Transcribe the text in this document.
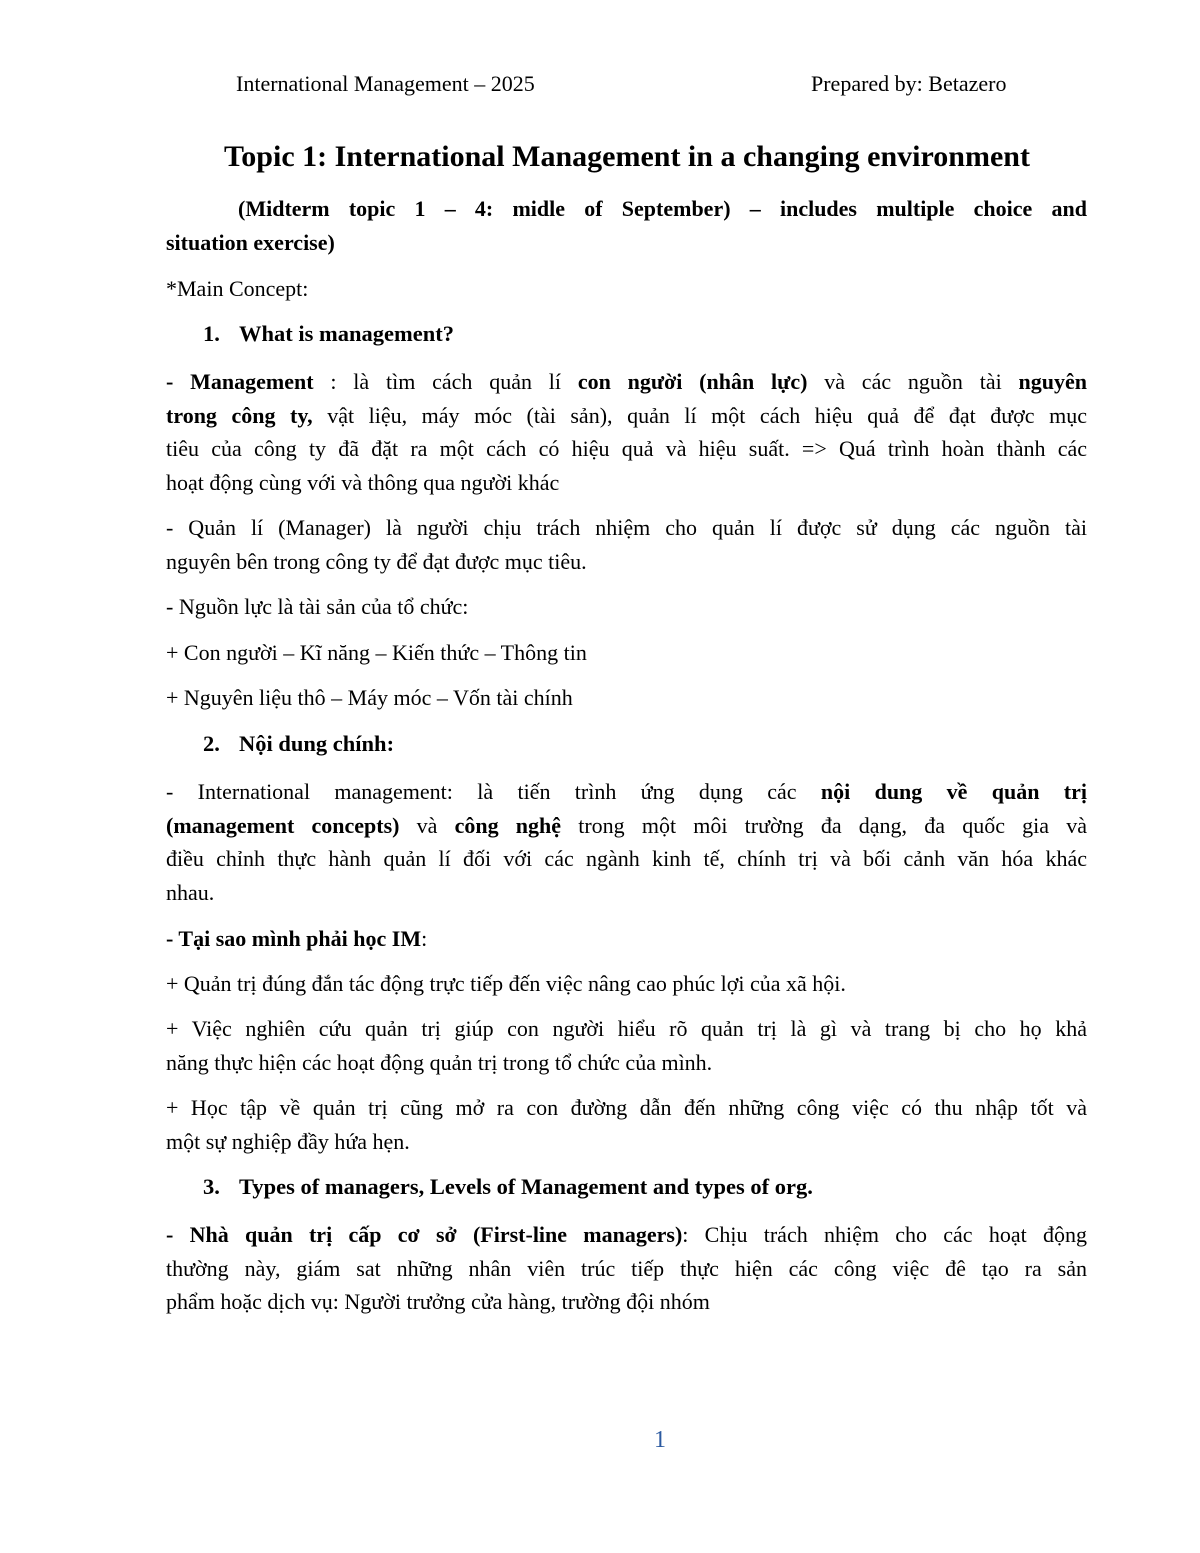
International Management – 2025	Prepared by: Betazero
Topic 1: International Management in a changing environment
(Midterm topic 1 – 4: midle of September) – includes multiple choice and
situation exercise)
*Main Concept:
1. What is management?
- Management : là tìm cách quản lí con người (nhân lực) và các nguồn tài nguyên
trong công ty, vật liệu, máy móc (tài sản), quản lí một cách hiệu quả để đạt được mục
tiêu của công ty đã đặt ra một cách có hiệu quả và hiệu suất. => Quá trình hoàn thành các
hoạt động cùng với và thông qua người khác
- Quản lí (Manager) là người chịu trách nhiệm cho quản lí được sử dụng các nguồn tài
nguyên bên trong công ty để đạt được mục tiêu.
- Nguồn lực là tài sản của tổ chức:
+ Con người – Kĩ năng – Kiến thức – Thông tin
+ Nguyên liệu thô – Máy móc – Vốn tài chính
2. Nội dung chính:
- International management: là tiến trình ứng dụng các nội dung về quản trị
(management concepts) và công nghệ trong một môi trường đa dạng, đa quốc gia và
điều chỉnh thực hành quản lí đối với các ngành kinh tế, chính trị và bối cảnh văn hóa khác
nhau.
- Tại sao mình phải học IM:
+ Quản trị đúng đắn tác động trực tiếp đến việc nâng cao phúc lợi của xã hội.
+ Việc nghiên cứu quản trị giúp con người hiểu rõ quản trị là gì và trang bị cho họ khả
năng thực hiện các hoạt động quản trị trong tổ chức của mình.
+ Học tập về quản trị cũng mở ra con đường dẫn đến những công việc có thu nhập tốt và
một sự nghiệp đầy hứa hẹn.
3. Types of managers, Levels of Management and types of org.
- Nhà quản trị cấp cơ sở (First-line managers): Chịu trách nhiệm cho các hoạt động
thường này, giám sat những nhân viên trúc tiếp thực hiện các công việc đê tạo ra sản
phẩm hoặc dịch vụ: Người trưởng cửa hàng, trường đội nhóm
1
